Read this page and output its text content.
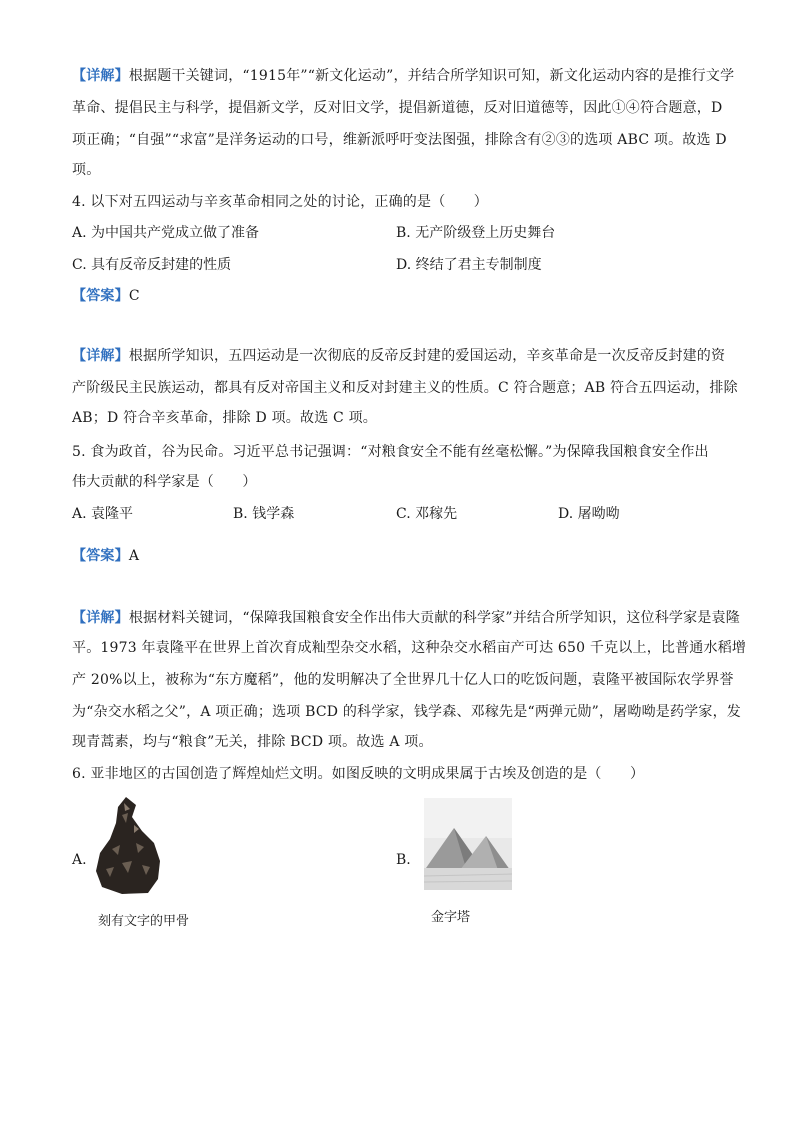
【详解】根据题干关键词，“1915年”“新文化运动”，并结合所学知识可知，新文化运动内容的是推行文学
革命、提倡民主与科学，提倡新文学，反对旧文学，提倡新道德，反对旧道德等，因此①④符合题意，D
项正确；“自强”“求富”是洋务运动的口号，维新派呼吁变法图强，排除含有②③的选项 ABC 项。故选 D
项。
4. 以下对五四运动与辛亥革命相同之处的讨论，正确的是（　　）
A. 为中国共产党成立做了准备	B. 无产阶级登上历史舞台
C. 具有反帝反封建的性质	D. 终结了君主专制制度
【答案】C
【详解】根据所学知识，五四运动是一次彻底的反帝反封建的爱国运动，辛亥革命是一次反帝反封建的资
产阶级民主民族运动，都具有反对帝国主义和反对封建主义的性质。C 符合题意；AB 符合五四运动，排除
AB；D 符合辛亥革命，排除 D 项。故选 C 项。
5. 食为政首，谷为民命。习近平总书记强调：“对粮食安全不能有丝毫松懈。”为保障我国粮食安全作出
伟大贡献的科学家是（　　）
A. 袁隆平	B. 钱学森	C. 邓稼先	D. 屠呦呦
【答案】A
【详解】根据材料关键词，“保障我国粮食安全作出伟大贡献的科学家”并结合所学知识，这位科学家是袁隆
平。1973 年袁隆平在世界上首次育成籼型杂交水稻，这种杂交水稻亩产可达 650 千克以上，比普通水稻增
产 20%以上，被称为“东方魔稻”，他的发明解决了全世界几十亿人口的吃饭问题，袁隆平被国际农学界誉
为“杂交水稻之父”，A 项正确；选项 BCD 的科学家，钱学森、邓稼先是“两弹元勋”，屠呦呦是药学家，发
现青蒿素，均与“粮食”无关，排除 BCD 项。故选 A 项。
6. 亚非地区的古国创造了辉煌灿烂文明。如图反映的文明成果属于古埃及创造的是（　　）
A.
刻有文字的甲骨
B.
金字塔
